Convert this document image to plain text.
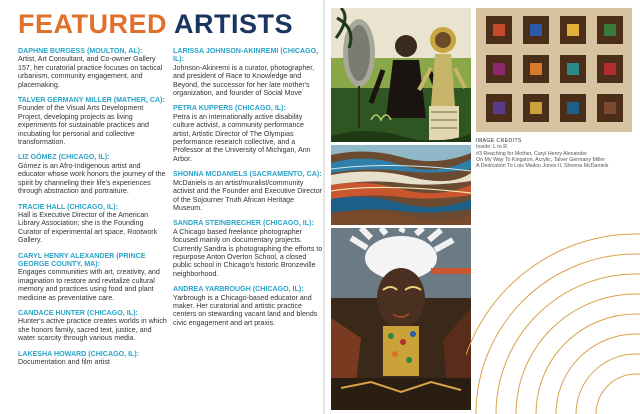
FEATURED ARTISTS
DAPHNE BURGESS (MOULTON, AL):
Artist, Art Consultant, and Co-owner Gallery 157, her curatorial practice focuses on tactical urbanism, community engagement, and placemaking.
TALVER GERMANY MILLER (MATHER, CA):
Founder of the Visual Arts Development Project, developing projects as living experiments for sustainable practices and incubating for personal and collective transformation.
LIZ GÓMEZ (CHICAGO, IL):
Gómez is an Afro-Indigenous artist and educator whose work honors the journey of the spirit by channeling their life's experiences through abstraction and portraiture.
TRACIE HALL (CHICAGO, IL):
Hall is Executive Director of the American Library Association; she is the Founding Curator of experimental art space, Rootwork Gallery.
CARYL HENRY ALEXANDER (PRINCE GEORGE COUNTY, MA):
Engages communities with art, creativity, and imagination to restore and revitalize cultural memory and practices using food and plant medicine as preventative care.
CANDACE HUNTER (CHICAGO, IL):
Hunter's active practice creates worlds in which she honors family, sacred text, justice, and water scarcity through various media.
LAKESHA HOWARD (CHICAGO, IL):
Documentation and film artist
LARISSA JOHNSON-AKINREMI (CHICAGO, IL):
Johnson-Akinremi is a curator, photographer, and president of Race to Knowledge and Beyond, the successor for her late mother's organization, and founder of Social Move
PETRA KUPPERS (CHICAGO, IL):
Petra is an internationally active disability culture activist, a community performance artist, Artistic Director of The Olympias performance research collective, and a Professor at the University of Michigan, Ann Arbor.
SHONNA MCDANIELS (SACRAMENTO, CA):
McDaniels is an artist/muralist/community activist and the Founder and Executive Director of the Sojourner Truth African Heritage Museum.
SANDRA STEINBRECHER (CHICAGO, IL):
A Chicago based freelance photographer focused mainly on documentary projects. Currently Sandra is photographing the efforts to repurpose Anton Overton School, a closed public school in Chicago's historic Bronzeville neighborhood.
ANDREA YARBROUGH (CHICAGO, IL):
Yarbrough is a Chicago-based educator and maker. Her curatorial and artistic practice centers on stewarding vacant land and blends civic engagement and art praxis.
IMAGE CREDITS
Inside: L to R
#3 Reaching for Mother, Caryl Henry Alexander
On My Way To Kingston, Acrylic, Talver Germany Miller
A Dedication To Lois Mailou Jones II, Shonna McDaniels
